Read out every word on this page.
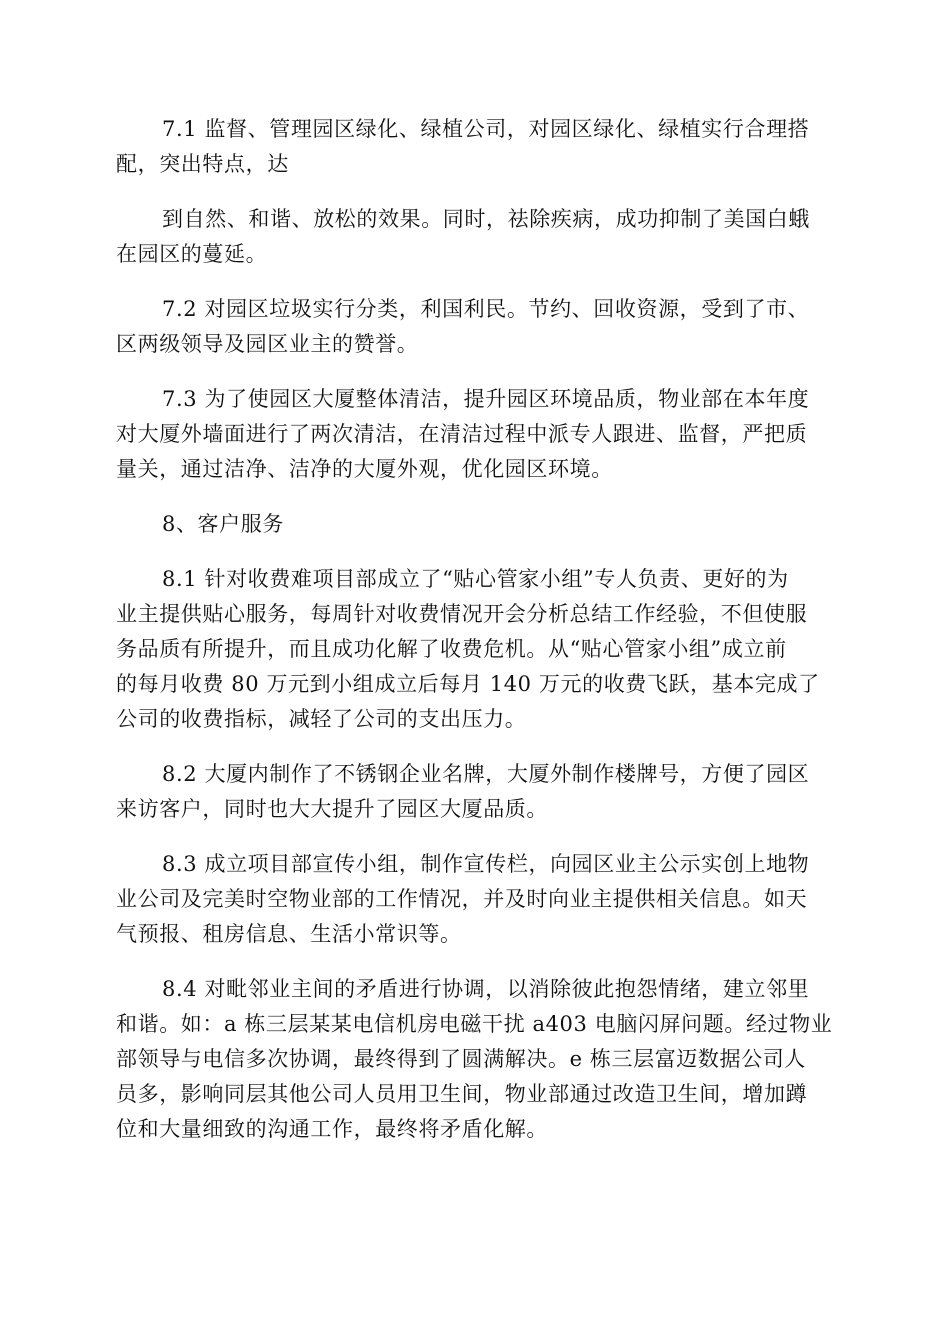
7.1 监督、管理园区绿化、绿植公司，对园区绿化、绿植实行合理搭
配，突出特点，达

到自然、和谐、放松的效果。同时，祛除疾病，成功抑制了美国白蛾
在园区的蔓延。

7.2 对园区垃圾实行分类，利国利民。节约、回收资源，受到了市、
区两级领导及园区业主的赞誉。

7.3 为了使园区大厦整体清洁，提升园区环境品质，物业部在本年度
对大厦外墙面进行了两次清洁，在清洁过程中派专人跟进、监督，严把质
量关，通过洁净、洁净的大厦外观，优化园区环境。

8、客户服务

8.1 针对收费难项目部成立了“贴心管家小组”专人负责、更好的为
业主提供贴心服务，每周针对收费情况开会分析总结工作经验，不但使服
务品质有所提升，而且成功化解了收费危机。从“贴心管家小组”成立前
的每月收费 80 万元到小组成立后每月 140 万元的收费飞跃，基本完成了
公司的收费指标，减轻了公司的支出压力。

8.2 大厦内制作了不锈钢企业名牌，大厦外制作楼牌号，方便了园区
来访客户，同时也大大提升了园区大厦品质。

8.3 成立项目部宣传小组，制作宣传栏，向园区业主公示实创上地物
业公司及完美时空物业部的工作情况，并及时向业主提供相关信息。如天
气预报、租房信息、生活小常识等。

8.4 对毗邻业主间的矛盾进行协调，以消除彼此抱怨情绪，建立邻里
和谐。如：a 栋三层某某电信机房电磁干扰 a403 电脑闪屏问题。经过物业
部领导与电信多次协调，最终得到了圆满解决。e 栋三层富迈数据公司人
员多，影响同层其他公司人员用卫生间，物业部通过改造卫生间，增加蹲
位和大量细致的沟通工作，最终将矛盾化解。
